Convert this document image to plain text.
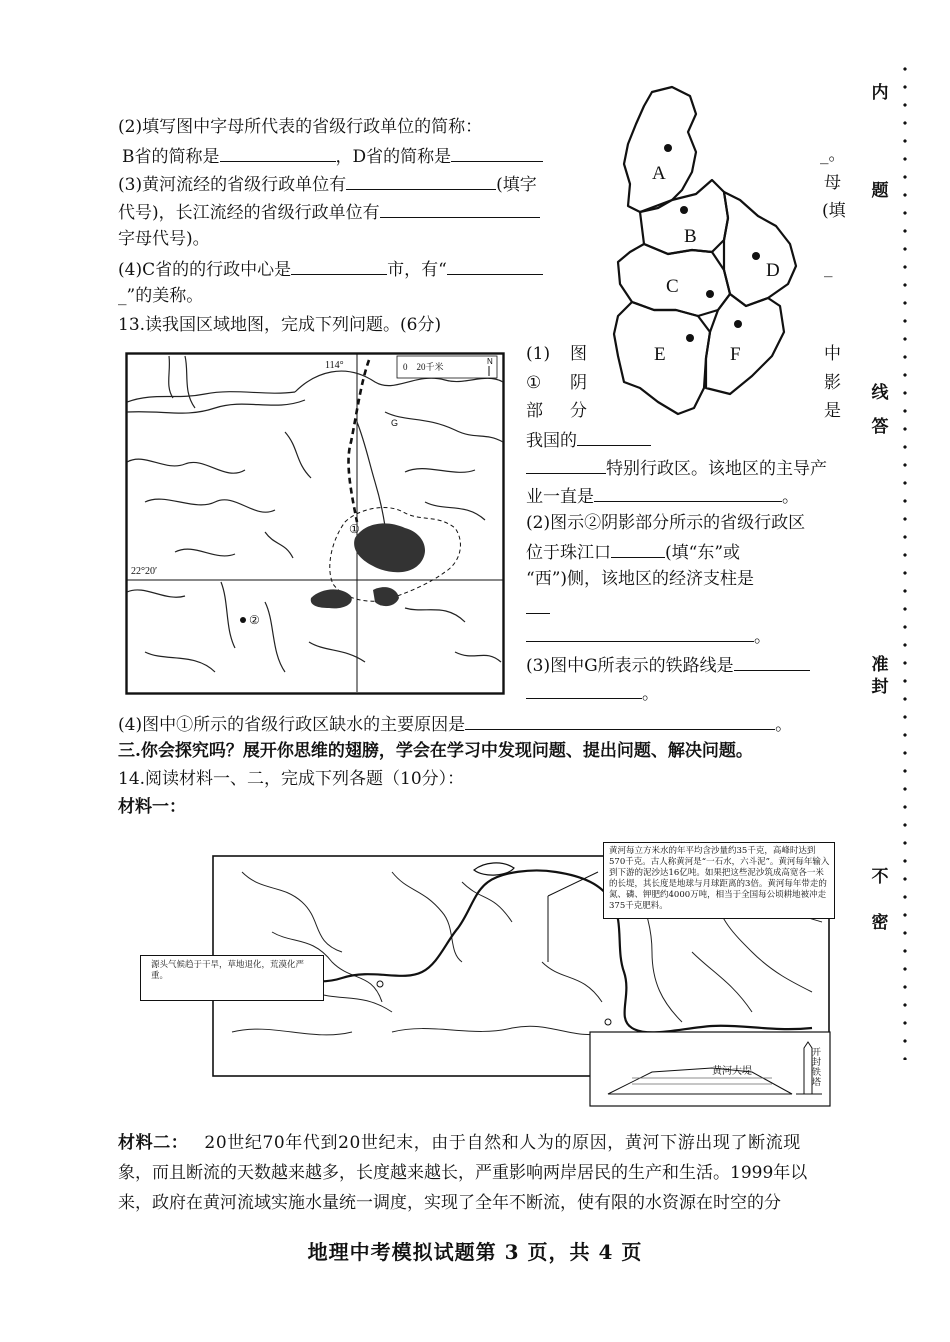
(2)填写图中字母所代表的省级行政单位的简称：
B省的简称是	，D省的简称是
(3)黄河流经的省级行政单位有	(填字
代号)，长江流经的省级行政单位有
字母代号)。
(4)C省的的行政中心是	市，有“
_”的美称。
_。
母
(填
_
A
B
D
C
E	F
13.读我国区域地图，完成下列问题。(6分)
G
①
②
114°
22°20′
0    20千米
N (1) 图	中
① 阴	影
部 分	是
我国的
特别行政区。该地区的主导产
业一直是	。
(2)图示②阴影部分所示的省级行政区
位于珠江口	(填“东”或
“西”)侧，该地区的经济支柱是
。
(3)图中G所表示的铁路线是
。
(4)图中①所示的省级行政区缺水的主要原因是	。
三.你会探究吗？展开你思维的翅膀，学会在学习中发现问题、提出问题、解决问题。
14.阅读材料一、二，完成下列各题（10分）：
材料一：
源头气候趋于干旱，草地退化，荒漠化严重。
黄河每立方米水的年平均含沙量约35千克，高峰时达到570千克。古人称黄河是“一石水，六斗泥”。黄河每年输入到下游的泥沙达16亿吨。如果把这些泥沙筑成高宽各一米的长堤，其长度是地球与月球距离的3倍。黄河每年带走的氮、磷、钾肥约4000万吨，相当于全国每公顷耕地被冲走375千克肥料。
黄河大堤
开封铁塔
材料二： 20世纪70年代到20世纪末，由于自然和人为的原因，黄河下游出现了断流现
象，而且断流的天数越来越多，长度越来越长，严重影响两岸居民的生产和生活。1999年以
来，政府在黄河流域实施水量统一调度，实现了全年不断流，使有限的水资源在时空的分
地理中考模拟试题第 3 页，共 4 页
内
题
答
准
不
封
线
密
